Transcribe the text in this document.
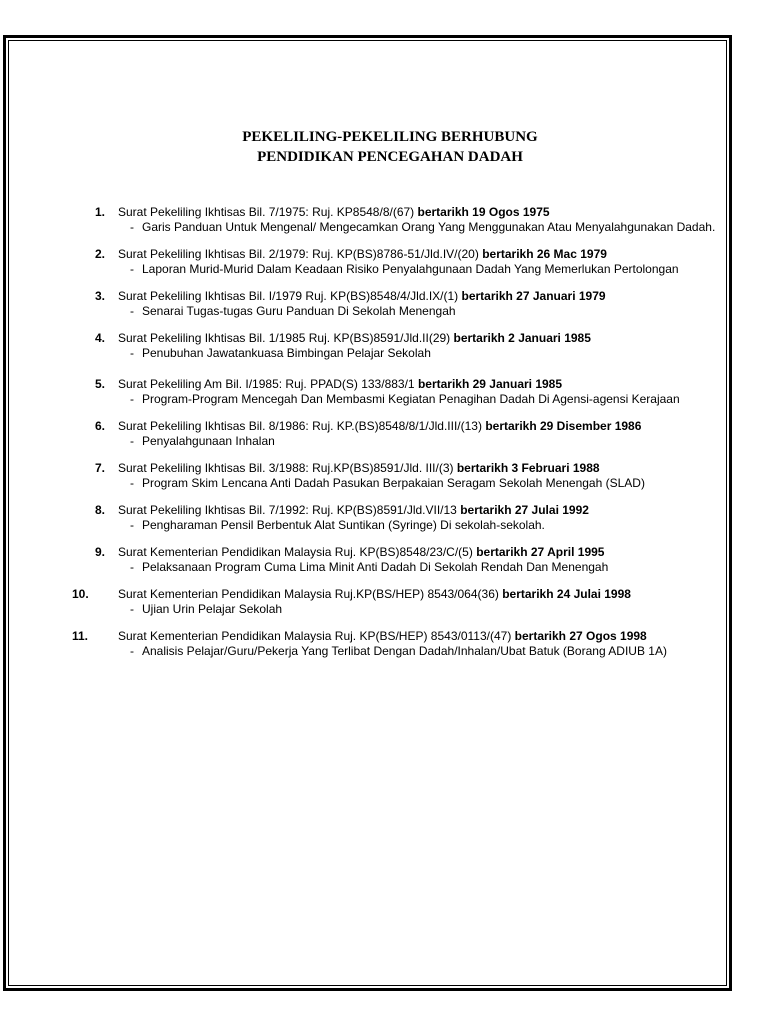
PEKELILING-PEKELILING BERHUBUNG
PENDIDIKAN PENCEGAHAN DADAH
1. Surat Pekeliling Ikhtisas Bil. 7/1975: Ruj. KP8548/8/(67) bertarikh 19 Ogos 1975
- Garis Panduan Untuk Mengenal/ Mengecamkan Orang Yang Menggunakan Atau Menyalahgunakan Dadah.
2. Surat Pekeliling Ikhtisas Bil. 2/1979: Ruj. KP(BS)8786-51/Jld.IV/(20) bertarikh 26 Mac 1979
- Laporan Murid-Murid Dalam Keadaan Risiko Penyalahgunaan Dadah Yang Memerlukan Pertolongan
3. Surat Pekeliling Ikhtisas Bil. I/1979 Ruj. KP(BS)8548/4/Jld.IX/(1) bertarikh 27 Januari 1979
- Senarai Tugas-tugas Guru Panduan Di Sekolah Menengah
4. Surat Pekeliling Ikhtisas Bil. 1/1985 Ruj. KP(BS)8591/Jld.II(29) bertarikh 2 Januari 1985
- Penubuhan Jawatankuasa Bimbingan Pelajar Sekolah
5. Surat Pekeliling Am Bil. I/1985: Ruj. PPAD(S) 133/883/1 bertarikh 29 Januari 1985
- Program-Program Mencegah Dan Membasmi Kegiatan Penagihan Dadah Di Agensi-agensi Kerajaan
6. Surat Pekeliling Ikhtisas Bil. 8/1986: Ruj. KP.(BS)8548/8/1/Jld.III/(13) bertarikh 29 Disember 1986
- Penyalahgunaan Inhalan
7. Surat Pekeliling Ikhtisas Bil. 3/1988: Ruj.KP(BS)8591/Jld. III/(3) bertarikh 3 Februari 1988
- Program Skim Lencana Anti Dadah Pasukan Berpakaian Seragam Sekolah Menengah (SLAD)
8. Surat Pekeliling Ikhtisas Bil. 7/1992: Ruj. KP(BS)8591/Jld.VII/13 bertarikh 27 Julai 1992
- Pengharaman Pensil Berbentuk Alat Suntikan (Syringe) Di sekolah-sekolah.
9. Surat Kementerian Pendidikan Malaysia Ruj. KP(BS)8548/23/C/(5) bertarikh 27 April 1995
- Pelaksanaan Program Cuma Lima Minit Anti Dadah Di Sekolah Rendah Dan Menengah
10. Surat Kementerian Pendidikan Malaysia Ruj.KP(BS/HEP) 8543/064(36) bertarikh 24 Julai 1998
- Ujian Urin Pelajar Sekolah
11. Surat Kementerian Pendidikan Malaysia Ruj. KP(BS/HEP) 8543/0113/(47) bertarikh 27 Ogos 1998
- Analisis Pelajar/Guru/Pekerja Yang Terlibat Dengan Dadah/Inhalan/Ubat Batuk (Borang ADIUB 1A)
